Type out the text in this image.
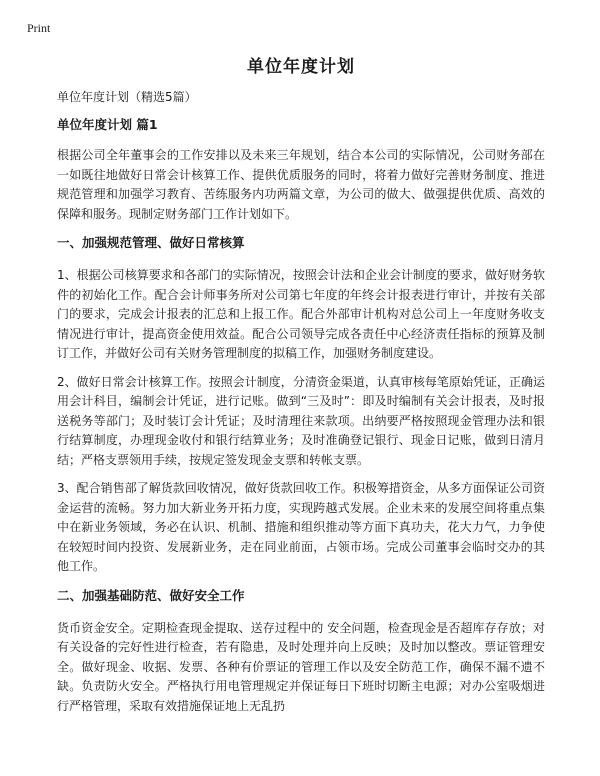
Print
单位年度计划

单位年度计划（精选5篇）

单位年度计划 篇1

根据公司全年董事会的工作安排以及未来三年规划，结合本公司的实际情况，公司财务部在一如既往地做好日常会计核算工作、提供优质服务的同时，将着力做好完善财务制度、推进规范管理和加强学习教育、苦练服务内功两篇文章，为公司的做大、做强提供优质、高效的保障和服务。现制定财务部门工作计划如下。

一、加强规范管理、做好日常核算

1、根据公司核算要求和各部门的实际情况，按照会计法和企业会计制度的要求，做好财务软件的初始化工作。配合会计师事务所对公司第七年度的年终会计报表进行审计，并按有关部门的要求，完成会计报表的汇总和上报工作。配合外部审计机构对总公司上一年度财务收支情况进行审计，提高资金使用效益。配合公司领导完成各责任中心经济责任指标的预算及制订工作，并做好公司有关财务管理制度的拟稿工作，加强财务制度建设。

2、做好日常会计核算工作。按照会计制度，分清资金渠道，认真审核每笔原始凭证，正确运用会计科目，编制会计凭证，进行记账。做到“三及时”：即及时编制有关会计报表，及时报送税务等部门；及时装订会计凭证；及时清理往来款项。出纳要严格按照现金管理办法和银行结算制度，办理现金收付和银行结算业务；及时准确登记银行、现金日记账，做到日清月结；严格支票领用手续，按规定签发现金支票和转帐支票。

3、配合销售部了解货款回收情况，做好货款回收工作。积极筹措资金，从多方面保证公司资金运营的流畅。努力加大新业务开拓力度，实现跨越式发展。企业未来的发展空间将重点集中在新业务领域，务必在认识、机制、措施和组织推动等方面下真功夫，花大力气，力争使在较短时间内投资、发展新业务，走在同业前面，占领市场。完成公司董事会临时交办的其他工作。

二、加强基础防范、做好安全工作

货币资金安全。定期检查现金提取、送存过程中的 安全问题，检查现金是否超库存存放；对有关设备的完好性进行检查，若有隐患，及时处理并向上反映；及时加以整改。票证管理安全。做好现金、收据、发票、各种有价票证的管理工作以及安全防范工作，确保不漏不遗不缺。负责防火安全。严格执行用电管理规定并保证每日下班时切断主电源；对办公室吸烟进行严格管理，采取有效措施保证地上无乱扔
